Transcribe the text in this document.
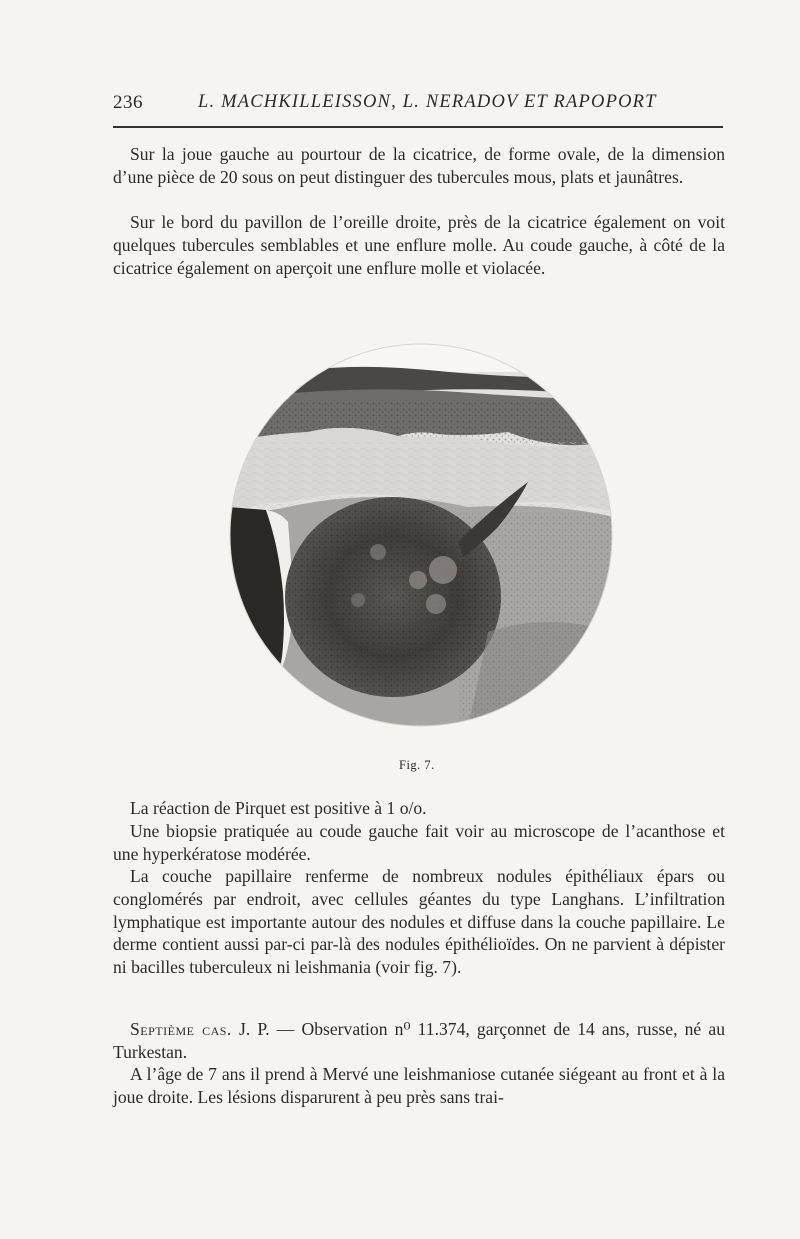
236	L. MACHKILLEISSON, L. NERADOV ET RAPOPORT

Sur la joue gauche au pourtour de la cicatrice, de forme ovale, de la dimension d’une pièce de 20 sous on peut distinguer des tubercules mous, plats et jaunâtres.

Sur le bord du pavillon de l’oreille droite, près de la cicatrice également on voit quelques tubercules semblables et une enflure molle. Au coude gauche, à côté de la cicatrice également on aperçoit une enflure molle et violacée.

Fig. 7.

La réaction de Pirquet est positive à 1 o/o.

Une biopsie pratiquée au coude gauche fait voir au microscope de l’acanthose et une hyperkératose modérée.

La couche papillaire renferme de nombreux nodules épithéliaux épars ou conglomérés par endroit, avec cellules géantes du type Langhans. L’infiltration lymphatique est importante autour des nodules et diffuse dans la couche papillaire. Le derme contient aussi par-ci par-là des nodules épithélioïdes. On ne parvient à dépister ni bacilles tuberculeux ni leishmania (voir fig. 7).

Septième cas. J. P. — Observation n⁰ 11.374, garçonnet de 14 ans, russe, né au Turkestan.

A l’âge de 7 ans il prend à Mervé une leishmaniose cutanée siégeant au front et à la joue droite. Les lésions disparurent à peu près sans trai-
